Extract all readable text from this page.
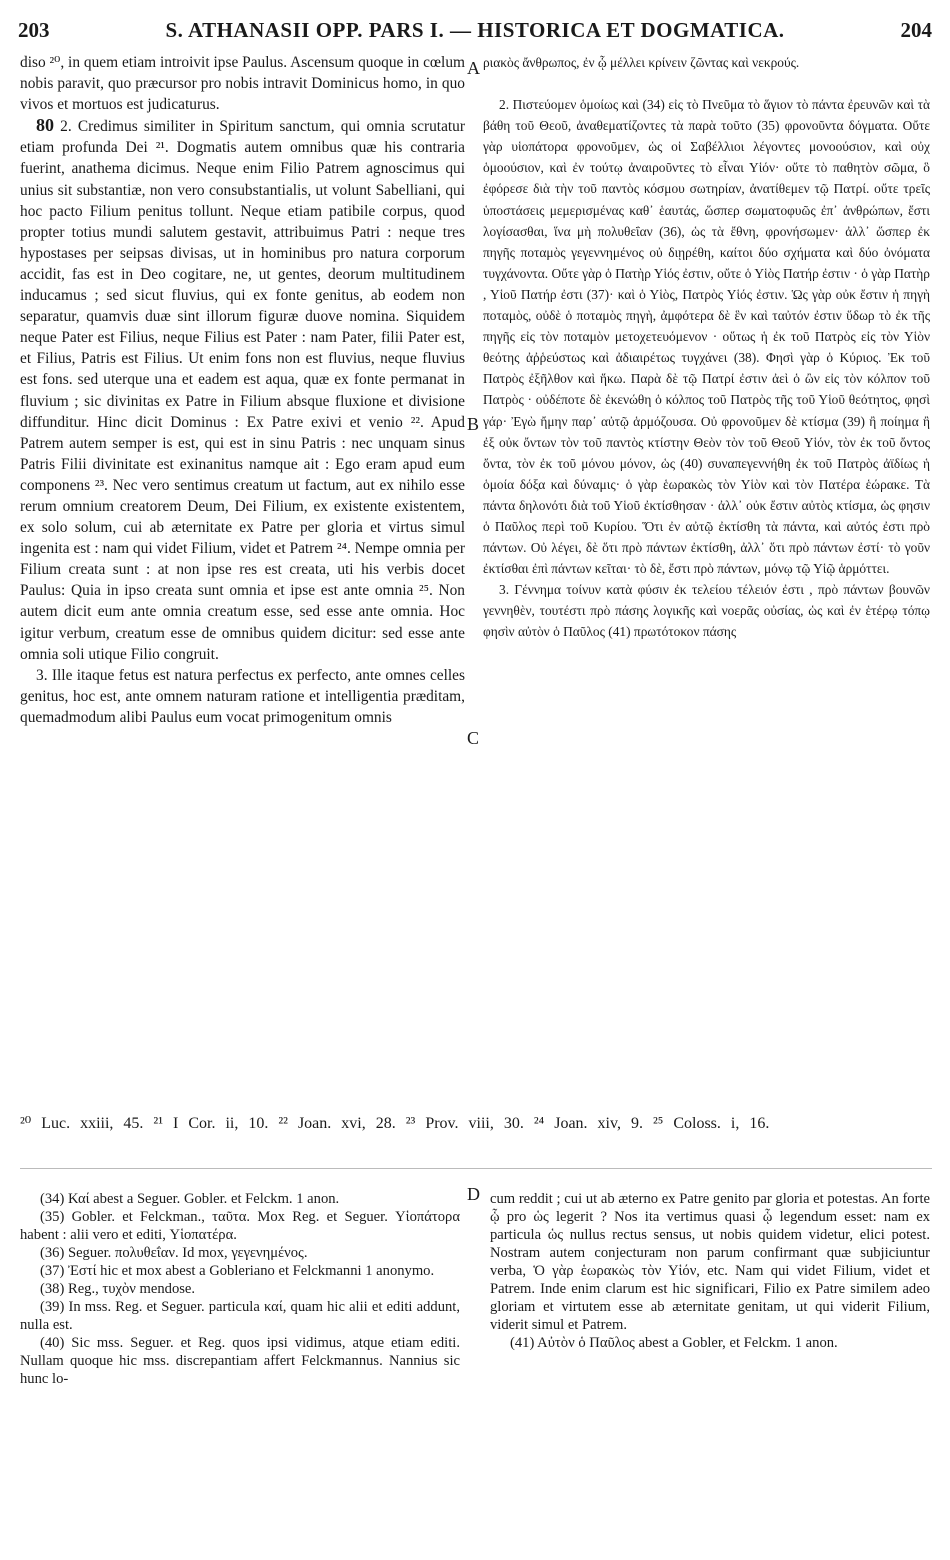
203	S. ATHANASII OPP. PARS I. — HISTORICA ET DOGMATICA.	204

diso ²⁰, in quem etiam introivit ipse Paulus. Ascensum quoque in cœlum nobis paravit, quo præcursor pro nobis intravit Dominicus homo, in quo vivos et mortuos est judicaturus.

80 2. Credimus similiter in Spiritum sanctum, qui omnia scrutatur etiam profunda Dei ²¹. Dogmatis autem omnibus quæ his contraria fuerint, anathema dicimus. Neque enim Filio Patrem agnoscimus qui unius sit substantiæ, non vero consubstantialis, ut volunt Sabelliani, qui hoc pacto Filium penitus tollunt. Neque etiam patibile corpus, quod propter totius mundi salutem gestavit, attribuimus Patri : neque tres hypostases per seipsas divisas, ut in hominibus pro natura corporum accidit, fas est in Deo cogitare, ne, ut gentes, deorum multitudinem inducamus ; sed sicut fluvius, qui ex fonte genitus, ab eodem non separatur, quamvis duæ sint illorum figuræ duove nomina. Siquidem neque Pater est Filius, neque Filius est Pater : nam Pater, filii Pater est, et Filius, Patris est Filius. Ut enim fons non est fluvius, neque fluvius est fons. sed uterque una et eadem est aqua, quæ ex fonte permanat in fluvium ; sic divinitas ex Patre in Filium absque fluxione et divisione diffunditur. Hinc dicit Dominus : Ex Patre exivi et venio ²². Apud Patrem autem semper is est, qui est in sinu Patris : nec unquam sinus Patris Filii divinitate est exinanitus namque ait : Ego eram apud eum componens ²³. Nec vero sentimus creatum ut factum, aut ex nihilo esse rerum omnium creatorem Deum, Dei Filium, ex existente existentem, ex solo solum, cui ab æternitate ex Patre per gloria et virtus simul ingenita est : nam qui videt Filium, videt et Patrem ²⁴. Nempe omnia per Filium creata sunt : at non ipse res est creata, uti his verbis docet Paulus: Quia in ipso creata sunt omnia et ipse est ante omnia ²⁵. Non autem dicit eum ante omnia creatum esse, sed esse ante omnia. Hoc igitur verbum, creatum esse de omnibus quidem dicitur: sed esse ante omnia soli utique Filio congruit.

3. Ille itaque fetus est natura perfectus ex perfecto, ante omnes celles genitus, hoc est, ante omnem naturam ratione et intelligentia præditam, quemadmodum alibi Paulus eum vocat primogenitum omnis

A
B
C
D

ριακὸς ἄνθρωπος, ἐν ᾧ μέλλει κρίνειν ζῶντας καὶ νεκρούς.

2. Πιστεύομεν ὁμοίως καὶ (34) εἰς τὸ Πνεῦμα τὸ ἅγιον τὸ πάντα ἐρευνῶν καὶ τὰ βάθη τοῦ Θεοῦ, ἀναθεματίζοντες τὰ παρὰ τοῦτο (35) φρονοῦντα δόγματα. Οὔτε γὰρ υἱοπάτορα φρονοῦμεν, ὡς οἱ Σαβέλλιοι λέγοντες μονοούσιον, καὶ οὐχ ὁμοούσιον, καὶ ἐν τούτῳ ἀναιροῦντες τὸ εἶναι Υἱόν· οὔτε τὸ παθητὸν σῶμα, ὃ ἐφόρεσε διὰ τὴν τοῦ παντὸς κόσμου σωτηρίαν, ἀνατίθεμεν τῷ Πατρί. οὔτε τρεῖς ὑποστάσεις μεμερισμένας καθ᾽ ἑαυτάς, ὥσπερ σωματοφυῶς ἐπ᾽ ἀνθρώπων, ἔστι λογίσασθαι, ἵνα μὴ πολυθεΐαν (36), ὡς τὰ ἔθνη, φρονήσωμεν· ἀλλ᾽ ὥσπερ ἐκ πηγῆς ποταμὸς γεγεννημένος οὐ διῃρέθη, καίτοι δύο σχήματα καὶ δύο ὀνόματα τυγχάνοντα. Οὔτε γὰρ ὁ Πατὴρ Υἱός ἐστιν, οὔτε ὁ Υἱὸς Πατήρ ἐστιν · ὁ γὰρ Πατὴρ , Υἱοῦ Πατήρ ἐστι (37)· καὶ ὁ Υἱὸς, Πατρὸς Υἱός ἐστιν. Ὡς γὰρ οὐκ ἔστιν ἡ πηγὴ ποταμὸς, οὐδὲ ὁ ποταμὸς πηγὴ, ἀμφότερα δὲ ἓν καὶ ταὐτόν ἐστιν ὕδωρ τὸ ἐκ τῆς πηγῆς εἰς τὸν ποταμὸν μετοχετευόμενον · οὕτως ἡ ἐκ τοῦ Πατρὸς εἰς τὸν Υἱὸν θεότης ἀῤῥεύστως καὶ ἀδιαιρέτως τυγχάνει (38). Φησὶ γὰρ ὁ Κύριος. Ἐκ τοῦ Πατρὸς ἐξῆλθον καὶ ἥκω. Παρὰ δὲ τῷ Πατρί ἐστιν ἀεὶ ὁ ὢν εἰς τὸν κόλπον τοῦ Πατρὸς · οὐδέποτε δὲ ἐκενώθη ὁ κόλπος τοῦ Πατρὸς τῆς τοῦ Υἱοῦ θεότητος, φησὶ γάρ· Ἐγὼ ἤμην παρ᾽ αὐτῷ ἁρμόζουσα. Οὐ φρονοῦμεν δὲ κτίσμα (39) ἢ ποίημα ἢ ἐξ οὐκ ὄντων τὸν τοῦ παντὸς κτίστην Θεὸν τὸν τοῦ Θεοῦ Υἱόν, τὸν ἐκ τοῦ ὄντος ὄντα, τὸν ἐκ τοῦ μόνου μόνον, ὡς (40) συναπεγεννήθη ἐκ τοῦ Πατρὸς ἀϊδίως ἡ ὁμοία δόξα καὶ δύναμις· ὁ γὰρ ἑωρακὼς τὸν Υἱὸν καὶ τὸν Πατέρα ἑώρακε. Τὰ πάντα δηλονότι διὰ τοῦ Υἱοῦ ἐκτίσθησαν · ἀλλ᾽ οὐκ ἔστιν αὐτὸς κτίσμα, ὡς φησιν ὁ Παῦλος περὶ τοῦ Κυρίου. Ὅτι ἐν αὐτῷ ἐκτίσθη τὰ πάντα, καὶ αὐτός ἐστι πρὸ πάντων. Οὐ λέγει, δὲ ὅτι πρὸ πάντων ἐκτίσθη, ἀλλ᾽ ὅτι πρὸ πάντων ἐστί· τὸ γοῦν ἐκτίσθαι ἐπὶ πάντων κεῖται· τὸ δὲ, ἔστι πρὸ πάντων, μόνῳ τῷ Υἱῷ ἁρμόττει.

3. Γέννημα τοίνυν κατὰ φύσιν ἐκ τελείου τέλειόν ἐστι , πρὸ πάντων βουνῶν γεννηθὲν, τουτέστι πρὸ πάσης λογικῆς καὶ νοερᾶς οὐσίας, ὡς καὶ ἐν ἑτέρῳ τόπῳ φησὶν αὐτὸν ὁ Παῦλος (41) πρωτότοκον πάσης

²⁰ Luc. xxiii, 45. ²¹ I Cor. ii, 10. ²² Joan. xvi, 28. ²³ Prov. viii, 30. ²⁴ Joan. xiv, 9. ²⁵ Coloss. i, 16.

(34) Καί abest a Seguer. Gobler. et Felckm. 1 anon.

(35) Gobler. et Felckman., ταῦτα. Mox Reg. et Seguer. Υἱοπάτορα habent : alii vero et editi, Υἱοπατέρα.

(36) Seguer. πολυθεΐαν. Id mox, γεγενημένος.

(37) Ἐστί hic et mox abest a Gobleriano et Felckmanni 1 anonymo.

(38) Reg., τυχὸν mendose.

(39) In mss. Reg. et Seguer. particula καί, quam hic alii et editi addunt, nulla est.

(40) Sic mss. Seguer. et Reg. quos ipsi vidimus, atque etiam editi. Nullam quoque hic mss. discrepantiam affert Felckmannus. Nannius sic hunc lo-

cum reddit ; cui ut ab æterno ex Patre genito par gloria et potestas. An forte ᾧ pro ὡς legerit ? Nos ita vertimus quasi ᾧ legendum esset: nam ex particula ὡς nullus rectus sensus, ut nobis quidem videtur, elici potest. Nostram autem conjecturam non parum confirmant quæ subjiciuntur verba, Ὁ γὰρ ἑωρακὼς τὸν Υἱόν, etc. Nam qui videt Filium, videt et Patrem. Inde enim clarum est hic significari, Filio ex Patre similem adeo gloriam et virtutem esse ab æternitate genitam, ut qui viderit Filium, viderit simul et Patrem.

(41) Αὐτὸν ὁ Παῦλος abest a Gobler, et Felckm. 1 anon.
